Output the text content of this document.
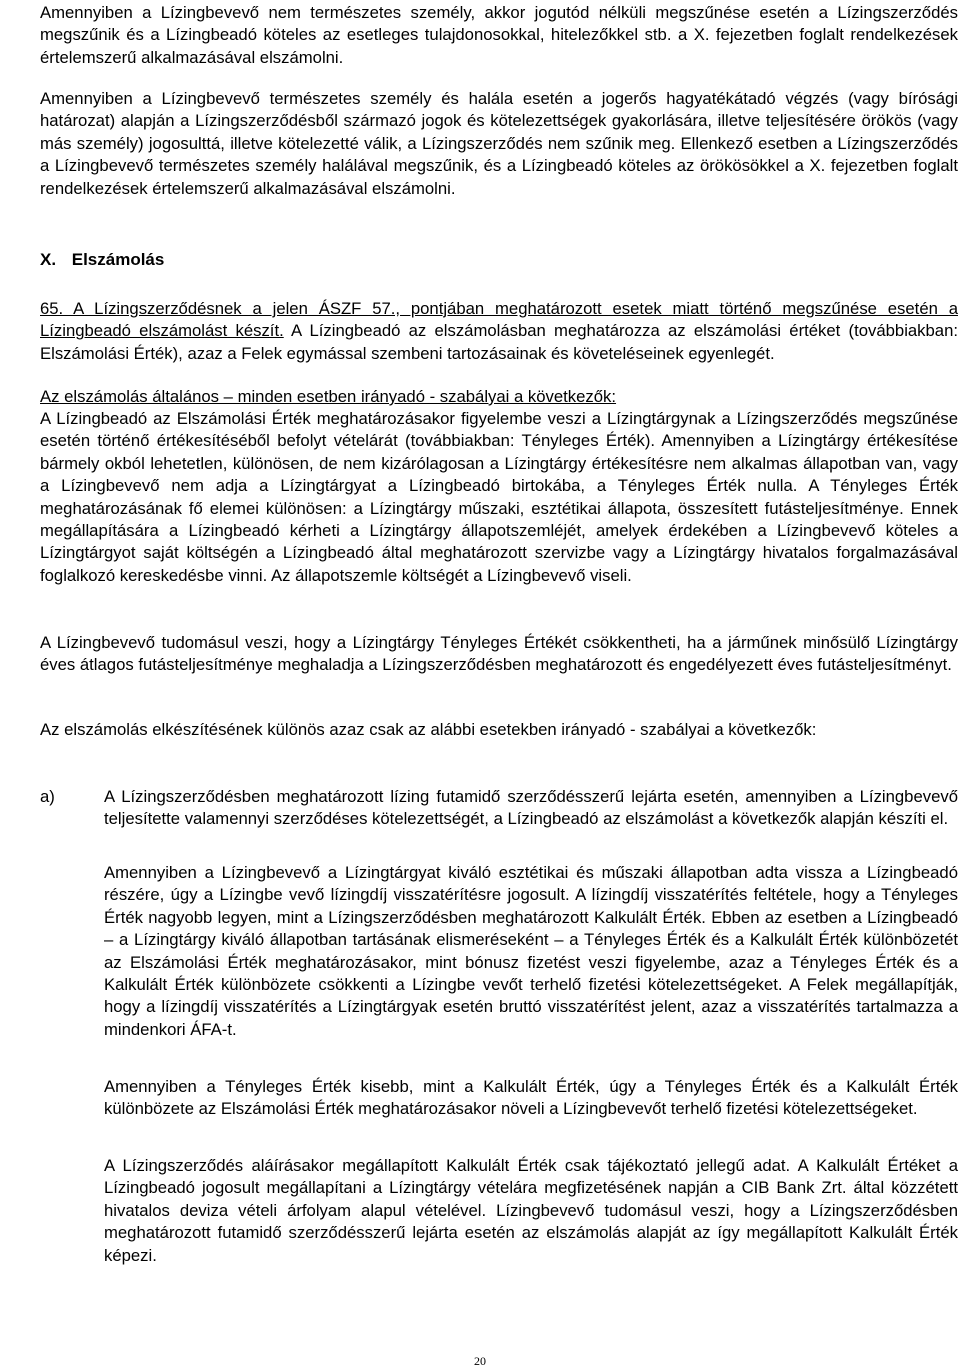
Amennyiben a Lízingbevevő nem természetes személy, akkor jogutód nélküli megszűnése esetén a Lízingszerződés megszűnik és a Lízingbeadó köteles az esetleges tulajdonosokkal, hitelezőkkel stb. a X. fejezetben foglalt rendelkezések értelemszerű alkalmazásával elszámolni.

Amennyiben a Lízingbevevő természetes személy és halála esetén a jogerős hagyatékátadó végzés (vagy bírósági határozat) alapján a Lízingszerződésből származó jogok és kötelezettségek gyakorlására, illetve teljesítésére örökös (vagy más személy) jogosulttá, illetve kötelezetté válik, a Lízingszerződés nem szűnik meg. Ellenkező esetben a Lízingszerződés a Lízingbevevő természetes személy halálával megszűnik, és a Lízingbeadó köteles az örökösökkel a X. fejezetben foglalt rendelkezések értelemszerű alkalmazásával elszámolni.

X. Elszámolás

65. A Lízingszerződésnek a jelen ÁSZF 57., pontjában meghatározott esetek miatt történő megszűnése esetén a Lízingbeadó elszámolást készít. A Lízingbeadó az elszámolásban meghatározza az elszámolási értéket (továbbiakban: Elszámolási Érték), azaz a Felek egymással szembeni tartozásainak és követeléseinek egyenlegét.

Az elszámolás általános – minden esetben irányadó - szabályai a következők:

A Lízingbeadó az Elszámolási Érték meghatározásakor figyelembe veszi a Lízingtárgynak a Lízingszerződés megszűnése esetén történő értékesítéséből befolyt vételárát (továbbiakban: Tényleges Érték). Amennyiben a Lízingtárgy értékesítése bármely okból lehetetlen, különösen, de nem kizárólagosan a Lízingtárgy értékesítésre nem alkalmas állapotban van, vagy a Lízingbevevő nem adja a Lízingtárgyat a Lízingbeadó birtokába, a Tényleges Érték nulla. A Tényleges Érték meghatározásának fő elemei különösen: a Lízingtárgy műszaki, esztétikai állapota, összesített futásteljesítménye. Ennek megállapítására a Lízingbeadó kérheti a Lízingtárgy állapotszemléjét, amelyek érdekében a Lízingbevevő köteles a Lízingtárgyot saját költségén a Lízingbeadó által meghatározott szervizbe vagy a Lízingtárgy hivatalos forgalmazásával foglalkozó kereskedésbe vinni. Az állapotszemle költségét a Lízingbevevő viseli.

A Lízingbevevő tudomásul veszi, hogy a Lízingtárgy Tényleges Értékét csökkentheti, ha a járműnek minősülő Lízingtárgy éves átlagos futásteljesítménye meghaladja a Lízingszerződésben meghatározott és engedélyezett éves futásteljesítményt.

Az elszámolás elkészítésének különös azaz csak az alábbi esetekben irányadó - szabályai a következők:

a)	A Lízingszerződésben meghatározott lízing futamidő szerződésszerű lejárta esetén, amennyiben a Lízingbevevő teljesítette valamennyi szerződéses kötelezettségét, a Lízingbeadó az elszámolást a következők alapján készíti el.

Amennyiben a Lízingbevevő a Lízingtárgyat kiváló esztétikai és műszaki állapotban adta vissza a Lízingbeadó részére, úgy a Lízingbe vevő lízingdíj visszatérítésre jogosult. A lízingdíj visszatérítés feltétele, hogy a Tényleges Érték nagyobb legyen, mint a Lízingszerződésben meghatározott Kalkulált Érték. Ebben az esetben a Lízingbeadó – a Lízingtárgy kiváló állapotban tartásának elismeréseként – a Tényleges Érték és a Kalkulált Érték különbözetét az Elszámolási Érték meghatározásakor, mint bónusz fizetést veszi figyelembe, azaz a Tényleges Érték és a Kalkulált Érték különbözete csökkenti a Lízingbe vevőt terhelő fizetési kötelezettségeket. A Felek megállapítják, hogy a lízingdíj visszatérítés a Lízingtárgyak esetén bruttó visszatérítést jelent, azaz a visszatérítés tartalmazza a mindenkori ÁFA-t.

Amennyiben a Tényleges Érték kisebb, mint a Kalkulált Érték, úgy a Tényleges Érték és a Kalkulált Érték különbözete az Elszámolási Érték meghatározásakor növeli a Lízingbevevőt terhelő fizetési kötelezettségeket.

A Lízingszerződés aláírásakor megállapított Kalkulált Érték csak tájékoztató jellegű adat. A Kalkulált Értéket a Lízingbeadó jogosult megállapítani a Lízingtárgy vételára megfizetésének napján a CIB Bank Zrt. által közzétett hivatalos deviza vételi árfolyam alapul vételével. Lízingbevevő tudomásul veszi, hogy a Lízingszerződésben meghatározott futamidő szerződésszerű lejárta esetén az elszámolás alapját az így megállapított Kalkulált Érték képezi.

20
